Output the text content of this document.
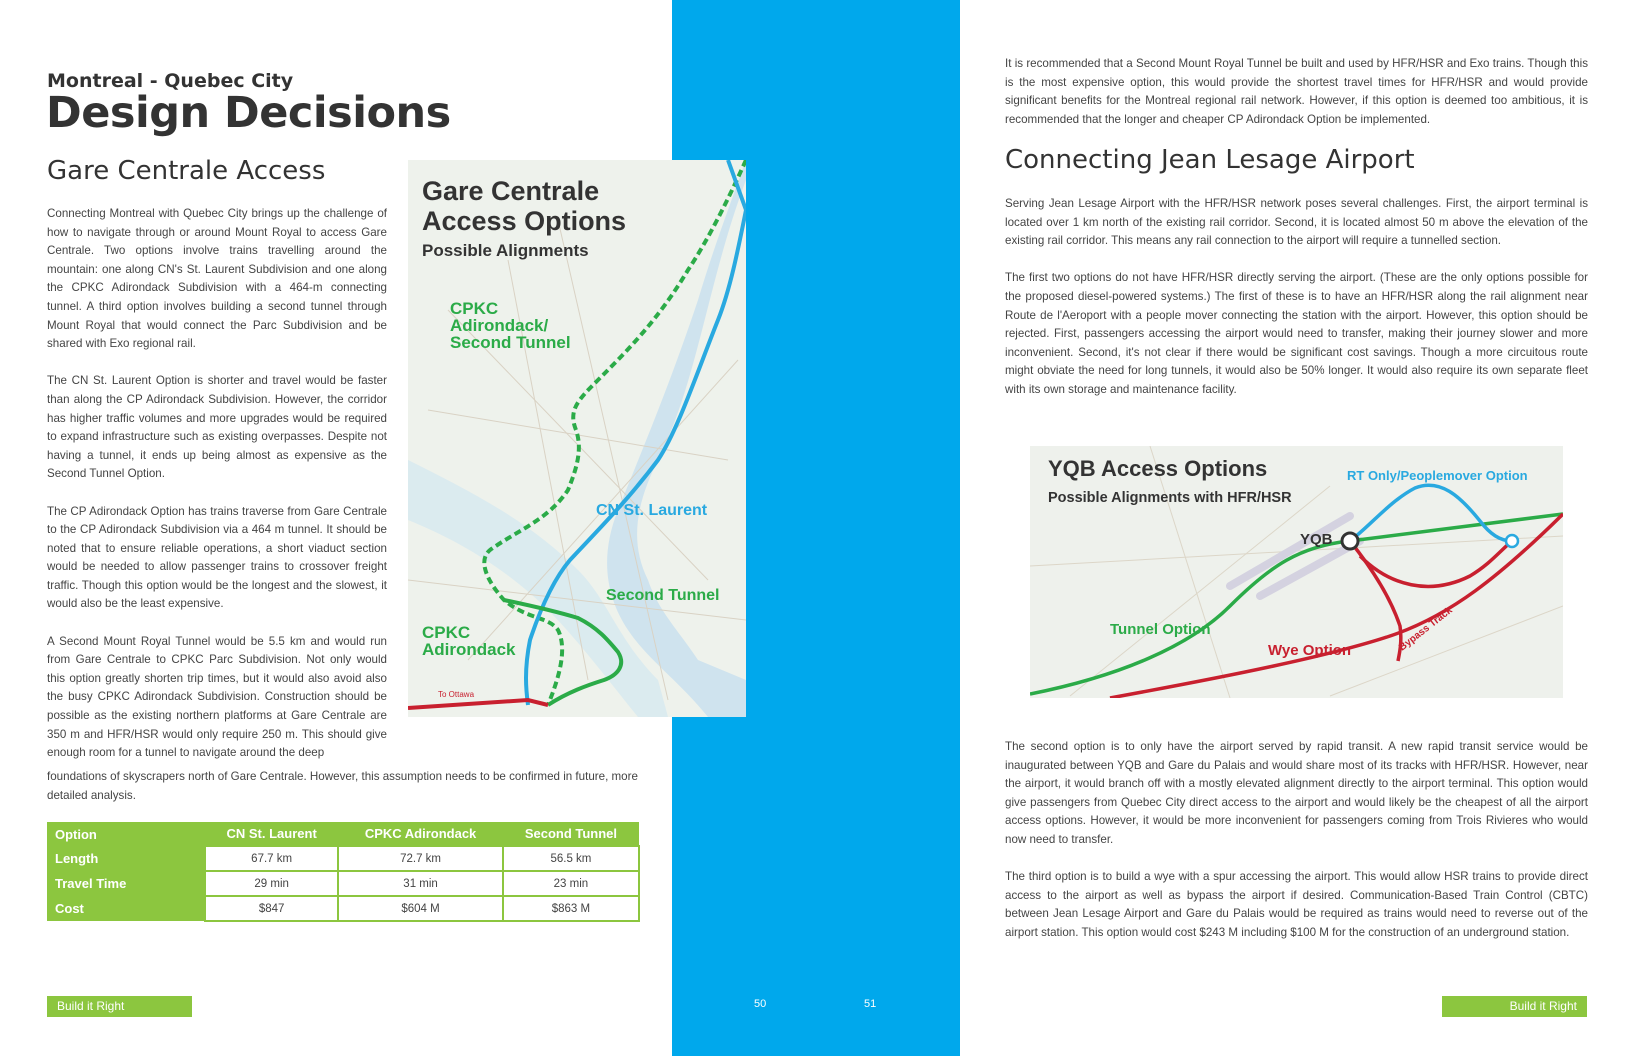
Montreal - Quebec City
Design Decisions
Gare Centrale Access

Connecting Montreal with Quebec City brings up the challenge of how to navigate through or around Mount Royal to access Gare Centrale. Two options involve trains travelling around the mountain: one along CN's St. Laurent Subdivision and one along the CPKC Adirondack Subdivision with a 464-m connecting tunnel. A third option involves building a second tunnel through Mount Royal that would connect the Parc Subdivision and be shared with Exo regional rail.

The CN St. Laurent Option is shorter and travel would be faster than along the CP Adirondack Subdivision. However, the corridor has higher traffic volumes and more upgrades would be required to expand infrastructure such as existing overpasses. Despite not having a tunnel, it ends up being almost as expensive as the Second Tunnel Option.

The CP Adirondack Option has trains traverse from Gare Centrale to the CP Adirondack Subdivision via a 464 m tunnel. It should be noted that to ensure reliable operations, a short viaduct section would be needed to allow passenger trains to crossover freight traffic. Though this option would be the longest and the slowest, it would also be the least expensive.

A Second Mount Royal Tunnel would be 5.5 km and would run from Gare Centrale to CPKC Parc Subdivision. Not only would this option greatly shorten trip times, but it would also avoid also the busy CPKC Adirondack Subdivision. Construction should be possible as the existing northern platforms at Gare Centrale are 350 m and HFR/HSR would only require 250 m. This should give enough room for a tunnel to navigate around the deep

foundations of skyscrapers north of Gare Centrale. However, this assumption needs to be confirmed in future, more detailed analysis.
Option	CN St. Laurent	CPKC Adirondack	Second Tunnel
Length	67.7 km	72.7 km	56.5 km
Travel Time	29 min	31 min	23 min
Cost	$847	$604 M	$863 M
Build it Right	50	51
Gare Centrale
Access Options
Possible Alignments
CPKC
Adirondack/
Second Tunnel
CN St. Laurent
Second Tunnel
CPKC
Adirondack
To Ottawa
It is recommended that a Second Mount Royal Tunnel be built and used by HFR/HSR and Exo trains. Though this is the most expensive option, this would provide the shortest travel times for HFR/HSR and would provide significant benefits for the Montreal regional rail network. However, if this option is deemed too ambitious, it is recommended that the longer and cheaper CP Adirondack Option be implemented.
Connecting Jean Lesage Airport

Serving Jean Lesage Airport with the HFR/HSR network poses several challenges. First, the airport terminal is located over 1 km north of the existing rail corridor. Second, it is located almost 50 m above the elevation of the existing rail corridor. This means any rail connection to the airport will require a tunnelled section.

The first two options do not have HFR/HSR directly serving the airport. (These are the only options possible for the proposed diesel-powered systems.) The first of these is to have an HFR/HSR along the rail alignment near Route de l'Aeroport with a people mover connecting the station with the airport. However, this option should be rejected. First, passengers accessing the airport would need to transfer, making their journey slower and more inconvenient. Second, it's not clear if there would be significant cost savings. Though a more circuitous route might obviate the need for long tunnels, it would also be 50% longer. It would also require its own separate fleet with its own storage and maintenance facility.

The second option is to only have the airport served by rapid transit. A new rapid transit service would be inaugurated between YQB and Gare du Palais and would share most of its tracks with HFR/HSR. However, near the airport, it would branch off with a mostly elevated alignment directly to the airport terminal. This option would give passengers from Quebec City direct access to the airport and would likely be the cheapest of all the airport access options. However, it would be more inconvenient for passengers coming from Trois Rivieres who would now need to transfer.

The third option is to build a wye with a spur accessing the airport. This would allow HSR trains to provide direct access to the airport as well as bypass the airport if desired. Communication-Based Train Control (CBTC) between Jean Lesage Airport and Gare du Palais would be required as trains would need to reverse out of the airport station. This option would cost $243 M including $100 M for the construction of an underground station.

Build it Right
YQB Access Options
Possible Alignments with HFR/HSR
RT Only/Peoplemover Option
YQB
Tunnel Option
Wye Option	Bypass Track
